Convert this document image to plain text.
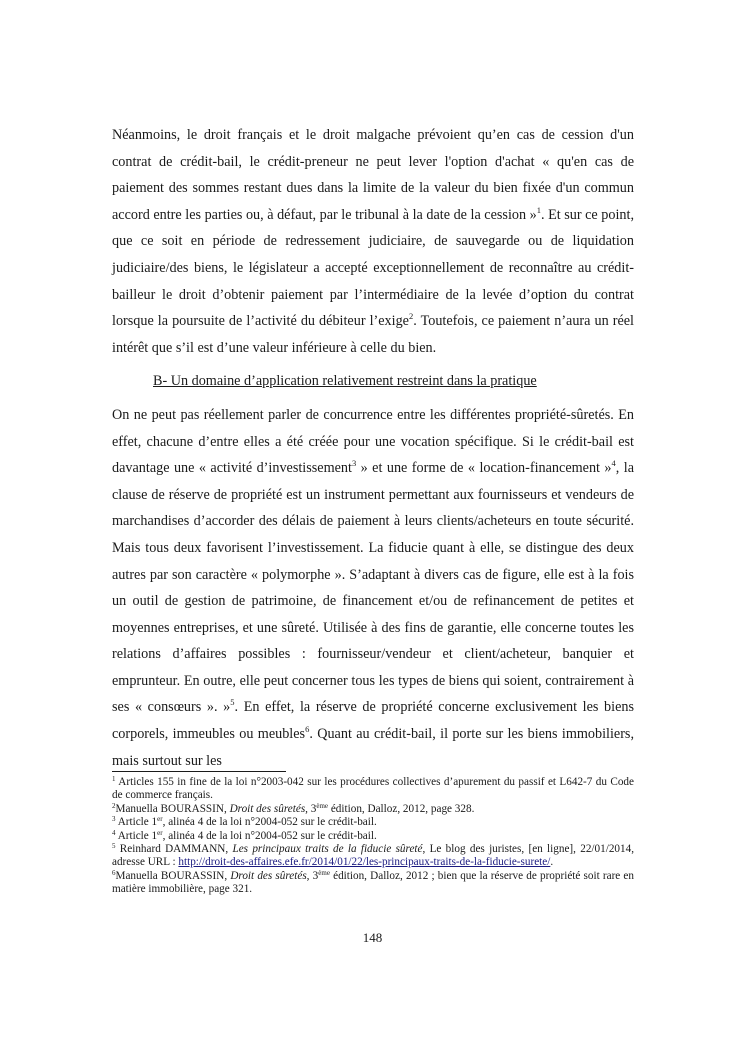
Néanmoins, le droit français et le droit malgache prévoient qu’en cas de cession d'un contrat de crédit-bail, le crédit-preneur ne peut lever l'option d'achat « qu'en cas de paiement des sommes restant dues dans la limite de la valeur du bien fixée d'un commun accord entre les parties ou, à défaut, par le tribunal à la date de la cession »$^1$. Et sur ce point, que ce soit en période de redressement judiciaire, de sauvegarde ou de liquidation judiciaire/des biens, le législateur a accepté exceptionnellement de reconnaître au crédit-bailleur le droit d’obtenir paiement par l’intermédiaire de la levée d’option du contrat lorsque la poursuite de l’activité du débiteur l’exige$^2$. Toutefois, ce paiement n’aura un réel intérêt que s’il est d’une valeur inférieure à celle du bien.

B- Un domaine d’application relativement restreint dans la pratique

On ne peut pas réellement parler de concurrence entre les différentes propriété-sûretés. En effet, chacune d’entre elles a été créée pour une vocation spécifique. Si le crédit-bail est davantage une « activité d’investissement$^3$ » et une forme de « location-financement »$^4$, la clause de réserve de propriété est un instrument permettant aux fournisseurs et vendeurs de marchandises d’accorder des délais de paiement à leurs clients/acheteurs en toute sécurité. Mais tous deux favorisent l’investissement. La fiducie quant à elle, se distingue des deux autres par son caractère « polymorphe ». S’adaptant à divers cas de figure, elle est à la fois un outil de gestion de patrimoine, de financement et/ou de refinancement de petites et moyennes entreprises, et une sûreté. Utilisée à des fins de garantie, elle concerne toutes les relations d’affaires possibles : fournisseur/vendeur et client/acheteur, banquier et emprunteur. En outre, elle peut concerner tous les types de biens qui soient, contrairement à ses « consœurs ». »$^5$. En effet, la réserve de propriété concerne exclusivement les biens corporels, immeubles ou meubles$^6$. Quant au crédit-bail, il porte sur les biens immobiliers, mais surtout sur les

$^1$ Articles 155 in fine de la loi n°2003-042 sur les procédures collectives d’apurement du passif et L642-7 du Code de commerce français.

$^2$Manuella BOURASSIN, Droit des sûretés, 3ème édition, Dalloz, 2012, page 328.

$^3$ Article 1er, alinéa 4 de la loi n°2004-052 sur le crédit-bail.

$^4$ Article 1er, alinéa 4 de la loi n°2004-052 sur le crédit-bail.

$^5$ Reinhard DAMMANN, Les principaux traits de la fiducie sûreté, Le blog des juristes, [en ligne], 22/01/2014, adresse URL : http://droit-des-affaires.efe.fr/2014/01/22/les-principaux-traits-de-la-fiducie-surete/.

$^6$Manuella BOURASSIN, Droit des sûretés, 3ème édition, Dalloz, 2012 ; bien que la réserve de propriété soit rare en matière immobilière, page 321.

148
